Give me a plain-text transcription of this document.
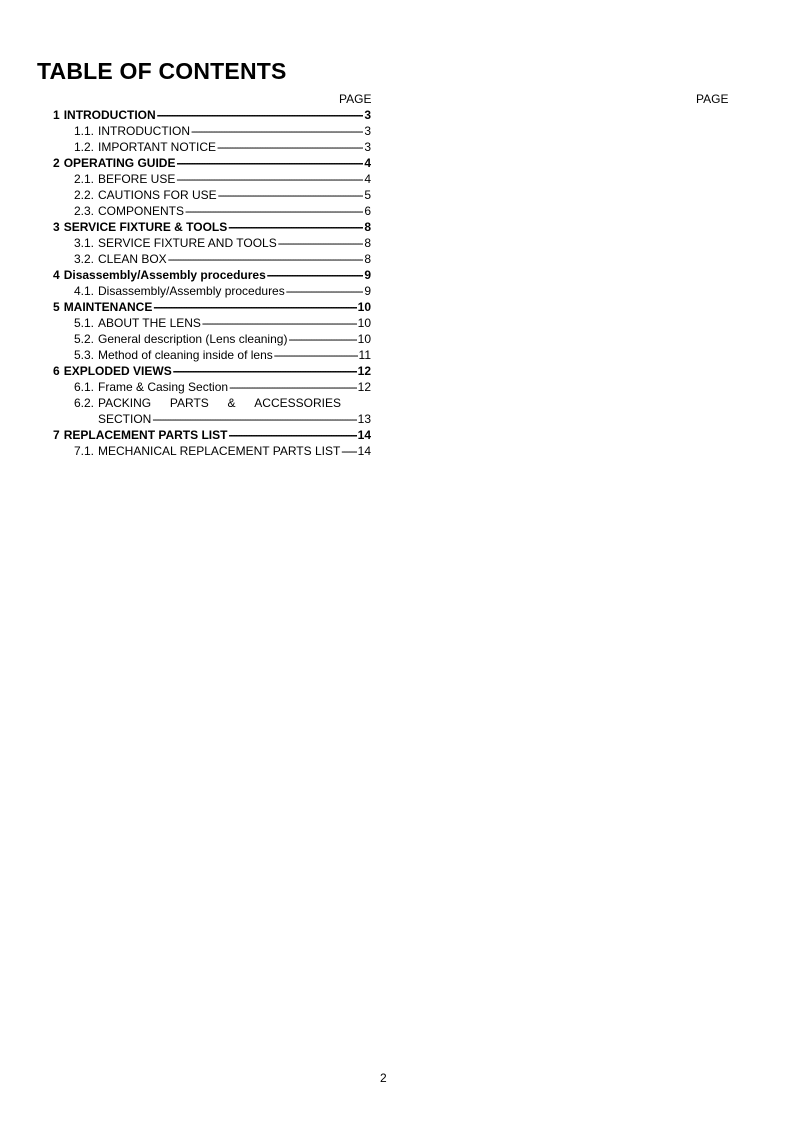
TABLE OF CONTENTS
PAGE	PAGE
1 INTRODUCTION -----	3
1.1. INTRODUCTION -----	3
1.2. IMPORTANT NOTICE -----	3
2 OPERATING GUIDE -----	4
2.1. BEFORE USE -----	4
2.2. CAUTIONS FOR USE -----	5
2.3. COMPONENTS -----	6
3 SERVICE FIXTURE & TOOLS -----	8
3.1. SERVICE FIXTURE AND TOOLS -----	8
3.2. CLEAN BOX -----	8
4 Disassembly/Assembly procedures -----	9
4.1. Disassembly/Assembly procedures -----	9
5 MAINTENANCE -----	10
5.1. ABOUT THE LENS -----	10
5.2. General description (Lens cleaning) -----	10
5.3. Method of cleaning inside of lens -----	11
6 EXPLODED VIEWS -----	12
6.1. Frame & Casing Section -----	12
6.2. PACKING PARTS & ACCESSORIES
SECTION -----	13
7 REPLACEMENT PARTS LIST -----	14
7.1. MECHANICAL REPLACEMENT PARTS LIST ----- 14
2
